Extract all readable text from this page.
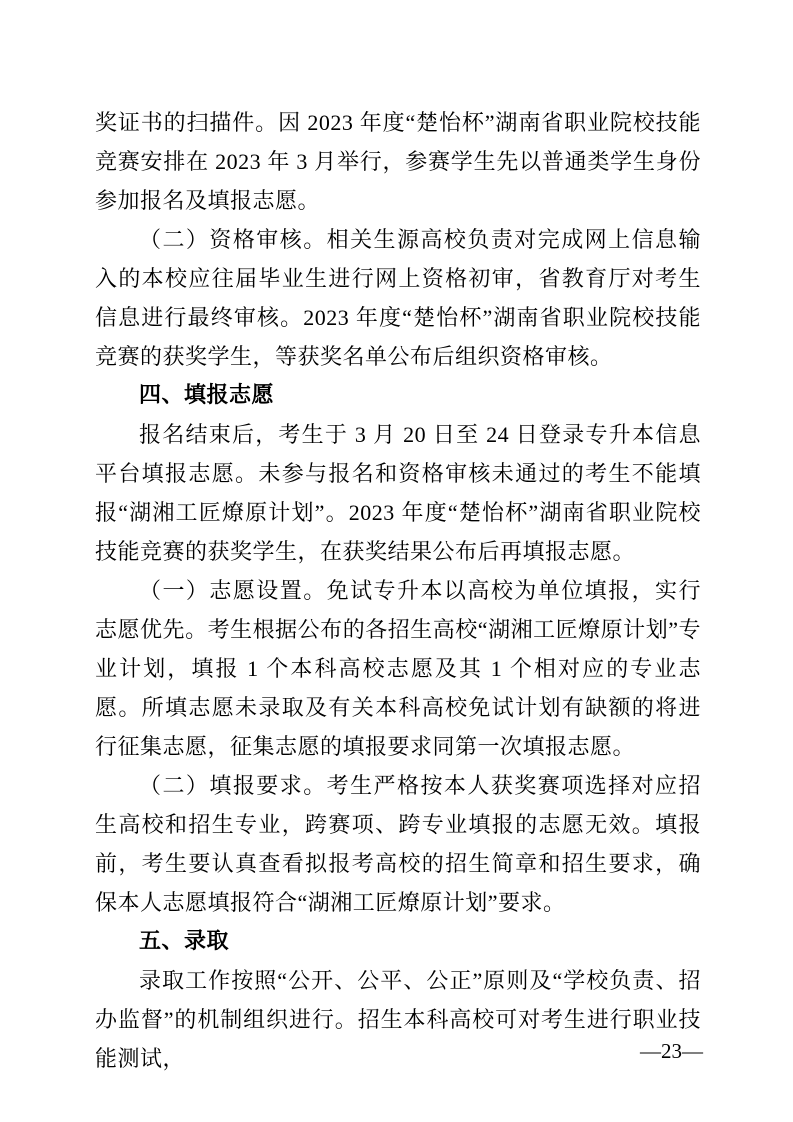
奖证书的扫描件。因 2023 年度“楚怡杯”湖南省职业院校技能竞赛安排在 2023 年 3 月举行，参赛学生先以普通类学生身份参加报名及填报志愿。

（二）资格审核。相关生源高校负责对完成网上信息输入的本校应往届毕业生进行网上资格初审，省教育厅对考生信息进行最终审核。2023 年度“楚怡杯”湖南省职业院校技能竞赛的获奖学生，等获奖名单公布后组织资格审核。

四、填报志愿

报名结束后，考生于 3 月 20 日至 24 日登录专升本信息平台填报志愿。未参与报名和资格审核未通过的考生不能填报“湖湘工匠燎原计划”。2023 年度“楚怡杯”湖南省职业院校技能竞赛的获奖学生，在获奖结果公布后再填报志愿。

（一）志愿设置。免试专升本以高校为单位填报，实行志愿优先。考生根据公布的各招生高校“湖湘工匠燎原计划”专业计划，填报 1 个本科高校志愿及其 1 个相对应的专业志愿。所填志愿未录取及有关本科高校免试计划有缺额的将进行征集志愿，征集志愿的填报要求同第一次填报志愿。

（二）填报要求。考生严格按本人获奖赛项选择对应招生高校和招生专业，跨赛项、跨专业填报的志愿无效。填报前，考生要认真查看拟报考高校的招生简章和招生要求，确保本人志愿填报符合“湖湘工匠燎原计划”要求。

五、录取

录取工作按照“公开、公平、公正”原则及“学校负责、招办监督”的机制组织进行。招生本科高校可对考生进行职业技能测试，	—23—
